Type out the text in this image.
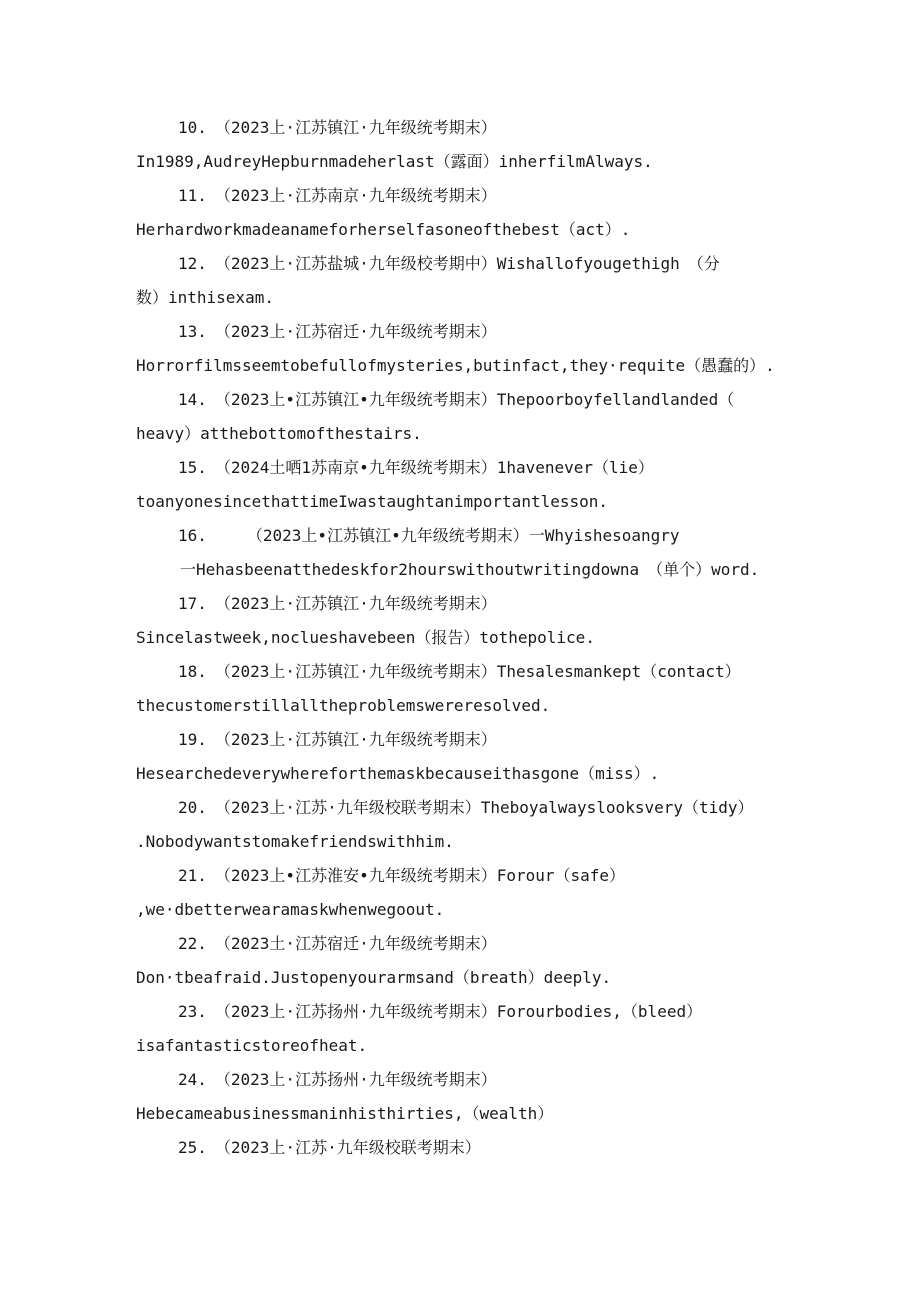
10.　（2023上·江苏镇江·九年级统考期末）
In1989,AudreyHepburnmadeherlast（露面）inherfilmAlways.
11.　（2023上·江苏南京·九年级统考期末）
Herhardworkmadeanameforherselfasoneofthebest（act）.
12.　（2023上·江苏盐城·九年级校考期中）Wishallofyougethigh　（分
数）inthisexam.
13.　（2023上·江苏宿迁·九年级统考期末）
Horrorfilmsseemtobefullofmysteries,butinfact,they·requite（愚蠢的）.
14.　（2023上•江苏镇江•九年级统考期末）Thepoorboyfellandlanded（
heavy）atthebottomofthestairs.
15.　（2024土哂1苏南京•九年级统考期末）1havenever（lie）
toanyonesincethattimeIwastaughtanimportantlesson.
16.　　　（2023上•江苏镇江•九年级统考期末）一Whyishesoangry
一Hehasbeenatthedeskfor2hourswithoutwritingdowna　（单个）word.
17.　（2023上·江苏镇江·九年级统考期末）
Sincelastweek,noclueshavebeen（报告）tothepolice.
18.　（2023上·江苏镇江·九年级统考期末）Thesalesmankept（contact）
thecustomerstillalltheproblemswereresolved.
19.　（2023上·江苏镇江·九年级统考期末）
Hesearchedeverywhereforthemaskbecauseithasgone（miss）.
20.　（2023上·江苏·九年级校联考期末）Theboyalwayslooksvery（tidy）
.Nobodywantstomakefriendswithhim.
21.　（2023上•江苏淮安•九年级统考期末）Forour（safe）
,we·dbetterwearamaskwhenwegoout.
22.　（2023土·江苏宿迁·九年级统考期末）
Don·tbeafraid.Justopenyourarmsand（breath）deeply.
23.　（2023上·江苏扬州·九年级统考期末）Forourbodies,（bleed）
isafantasticstoreofheat.
24.　（2023上·江苏扬州·九年级统考期末）
Hebecameabusinessmaninhisthirties,（wealth）
25.　（2023上·江苏·九年级校联考期末）
